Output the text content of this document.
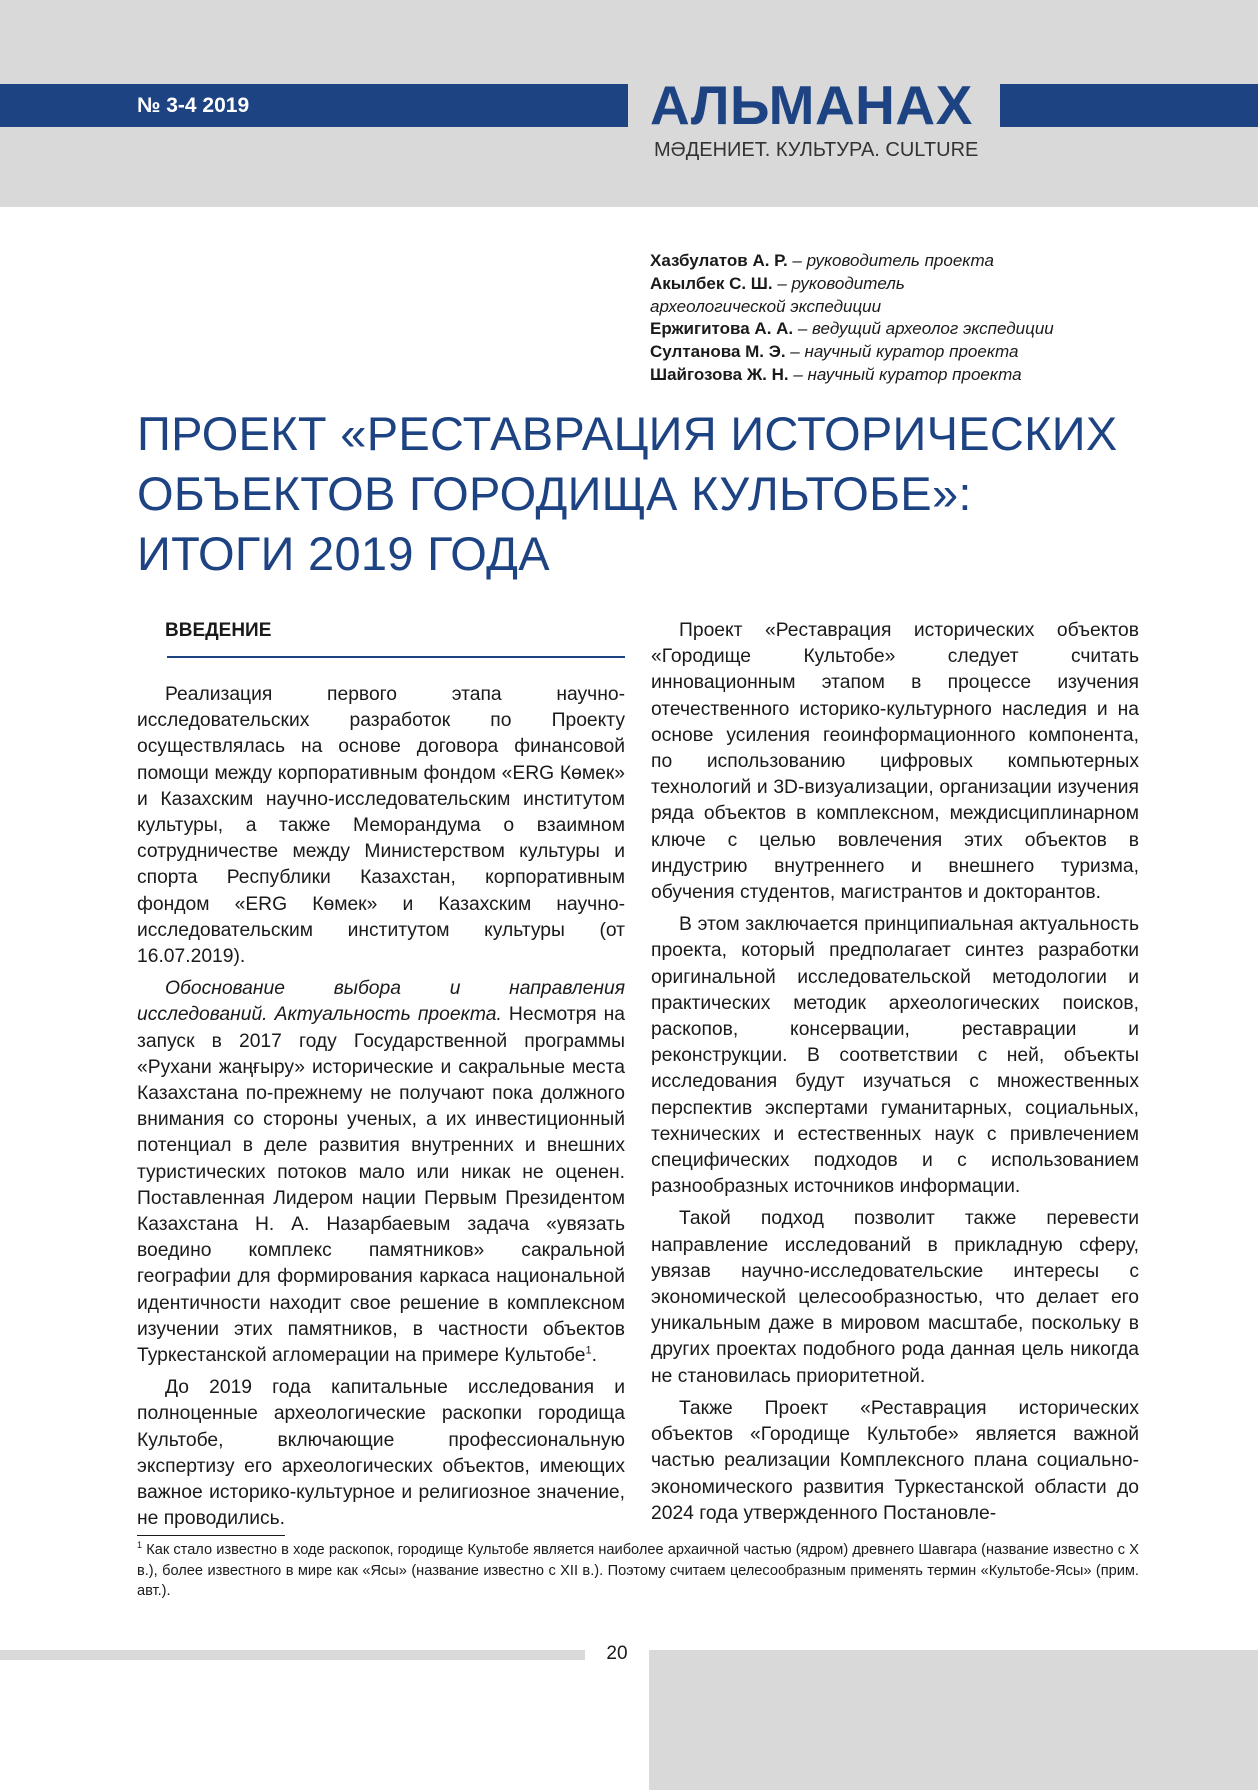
№ 3-4 2019	АЛЬМАНАХ
МӘДЕНИЕТ. КУЛЬТУРА. CULTURE
Хазбулатов А. Р. – руководитель проекта
Акылбек С. Ш. – руководитель
археологической экспедиции
Ержигитова А. А. – ведущий археолог экспедиции
Султанова М. Э. – научный куратор проекта
Шайгозова Ж. Н. – научный куратор проекта
ПРОЕКТ «РЕСТАВРАЦИЯ ИСТОРИЧЕСКИХ
ОБЪЕКТОВ ГОРОДИЩА КУЛЬТОБЕ»:
ИТОГИ 2019 ГОДА
ВВЕДЕНИЕ

Реализация первого этапа научно-исследовательских разработок по Проекту осуществлялась на основе договора финансовой помощи между корпоративным фондом «ERG Көмек» и Казахским научно-исследовательским институтом культуры, а также Меморандума о взаимном сотрудничестве между Министерством культуры и спорта Республики Казахстан, корпоративным фондом «ERG Көмек» и Казахским научно-исследовательским институтом культуры (от 16.07.2019).

Обоснование выбора и направления исследований. Актуальность проекта. Несмотря на запуск в 2017 году Государственной программы «Рухани жаңғыру» исторические и сакральные места Казахстана по-прежнему не получают пока должного внимания со стороны ученых, а их инвестиционный потенциал в деле развития внутренних и внешних туристических потоков мало или никак не оценен. Поставленная Лидером нации Первым Президентом Казахстана Н. А. Назарбаевым задача «увязать воедино комплекс памятников» сакральной географии для формирования каркаса национальной идентичности находит свое решение в комплексном изучении этих памятников, в частности объектов Туркестанской агломерации на примере Культобе$^1$.

До 2019 года капитальные исследования и полноценные археологические раскопки городища Культобе, включающие профессиональную экспертизу его археологических объектов, имеющих важное историко-культурное и религиозное значение, не проводились.

Проект «Реставрация исторических объектов «Городище Культобе» следует считать инновационным этапом в процессе изучения отечественного историко-культурного наследия и на основе усиления геоинформационного компонента, по использованию цифровых компьютерных технологий и 3D-визуализации, организации изучения ряда объектов в комплексном, междисциплинарном ключе с целью вовлечения этих объектов в индустрию внутреннего и внешнего туризма, обучения студентов, магистрантов и докторантов.

В этом заключается принципиальная актуальность проекта, который предполагает синтез разработки оригинальной исследовательской методологии и практических методик археологических поисков, раскопов, консервации, реставрации и реконструкции. В соответствии с ней, объекты исследования будут изучаться с множественных перспектив экспертами гуманитарных, социальных, технических и естественных наук с привлечением специфических подходов и с использованием разнообразных источников информации.

Такой подход позволит также перевести направление исследований в прикладную сферу, увязав научно-исследовательские интересы с экономической целесообразностью, что делает его уникальным даже в мировом масштабе, поскольку в других проектах подобного рода данная цель никогда не становилась приоритетной.

Также Проект «Реставрация исторических объектов «Городище Культобе» является важной частью реализации Комплексного плана социально-экономического развития Туркестанской области до 2024 года утвержденного Постановле-

$^1$ Как стало известно в ходе раскопок, городище Культобе является наиболее архаичной частью (ядром) древнего Шавгара (название известно с X в.), более известного в мире как «Ясы» (название известно с XII в.). Поэтому считаем целесообразным применять термин «Культобе-Ясы» (прим. авт.).
20
